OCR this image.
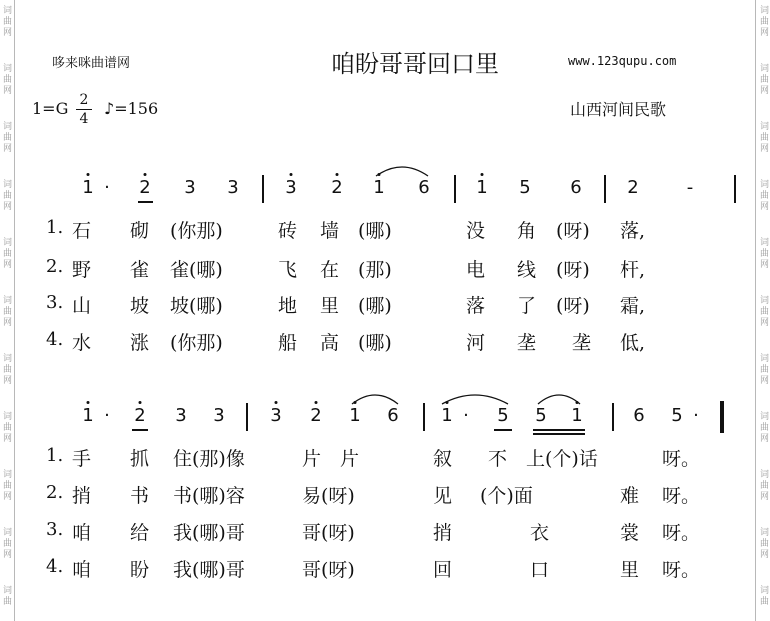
词
曲
网
词
曲
网
词
曲
网
词
曲
网
词
曲
网
词
曲
网
词
曲
网
词
曲
网
词
曲
网
词
曲
网
词
曲
词
曲
网
词
曲
网
词
曲
网
词
曲
网
词
曲
网
词
曲
网
词
曲
网
词
曲
网
词
曲
网
词
曲
网
词
曲
哆来咪曲谱网	咱盼哥哥回口里	www.123qupu.com
1=G 2
4
♪=156	山西河间民歌
1 · 2 3 3	3 2 1 6	1 5 6	2	-
1. 石 砌 (你那)	砖 墙 (哪)	没 角 (呀) 落,
2. 野 雀 雀(哪)	飞 在 (那)	电 线 (呀) 杆,
3. 山 坡 坡(哪)	地 里 (哪)	落 了 (呀) 霜,
4. 水 涨 (你那)	船 高 (哪)	河 垄 垄 低,
1 · 2 3 3	3 2 1 6 1 · 5 5 1	6 5 ·
1. 手 抓 住(那)像	片 片	叙 不 上(个)话	呀。
2. 捎 书 书(哪)容	易(呀)	见 (个)面	难 呀。
3. 咱 给 我(哪)哥	哥(呀)	捎	衣	裳 呀。
4. 咱 盼 我(哪)哥	哥(呀)	回	口	里 呀。
